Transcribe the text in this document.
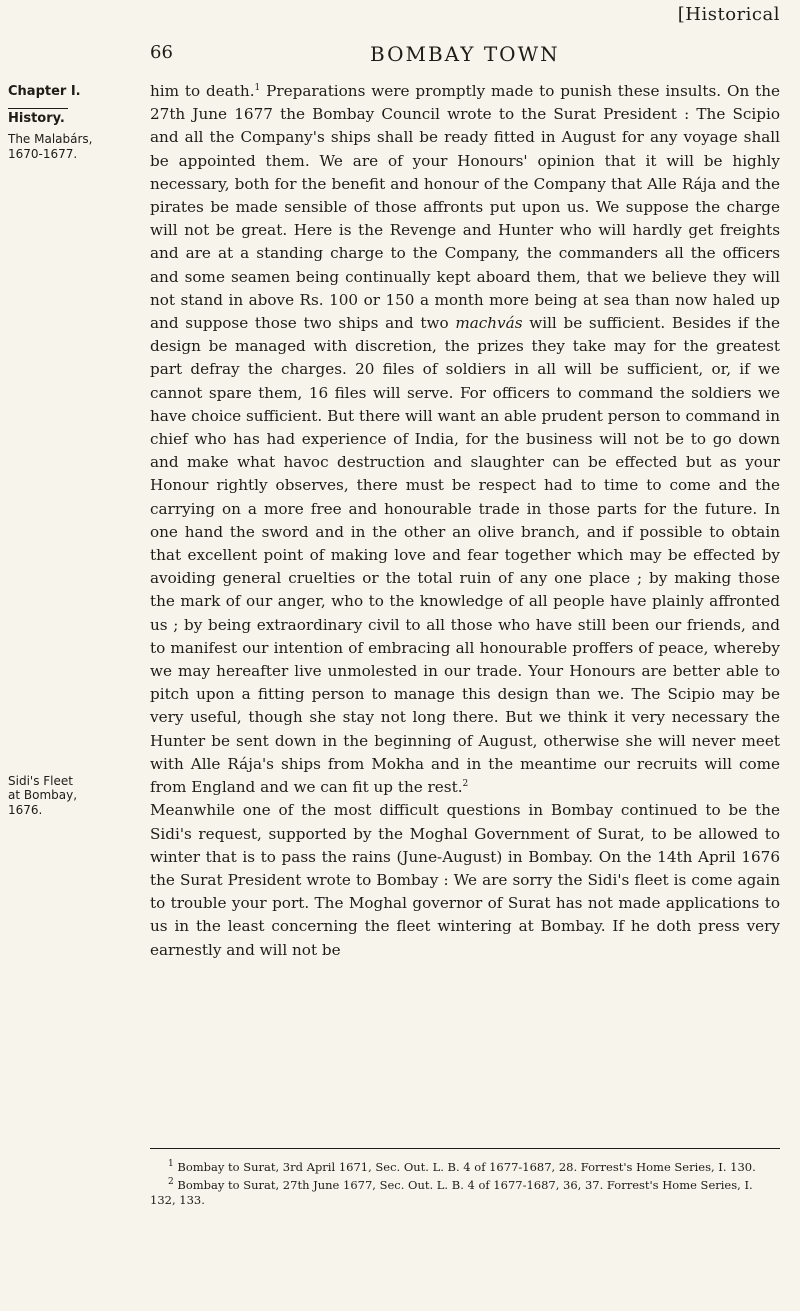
[Historical
66	BOMBAY TOWN
Chapter I.
History.
The Malabárs,
1670-1677.
Sidi's Fleet
at Bombay,
1676.

him to death.$^1$ Preparations were promptly made to punish these insults. On the 27th June 1677 the Bombay Council wrote to the Surat President : The Scipio and all the Company's ships shall be ready fitted in August for any voyage shall be appointed them. We are of your Honours' opinion that it will be highly necessary, both for the benefit and honour of the Company that Alle Rája and the pirates be made sensible of those affronts put upon us. We suppose the charge will not be great. Here is the Revenge and Hunter who will hardly get freights and are at a standing charge to the Company, the commanders all the officers and some seamen being continually kept aboard them, that we believe they will not stand in above Rs. 100 or 150 a month more being at sea than now haled up and suppose those two ships and two machvás will be sufficient. Besides if the design be managed with discretion, the prizes they take may for the greatest part defray the charges. 20 files of soldiers in all will be sufficient, or, if we cannot spare them, 16 files will serve. For officers to command the soldiers we have choice sufficient. But there will want an able prudent person to command in chief who has had experience of India, for the business will not be to go down and make what havoc destruction and slaughter can be effected but as your Honour rightly observes, there must be respect had to time to come and the carrying on a more free and honourable trade in those parts for the future. In one hand the sword and in the other an olive branch, and if possible to obtain that excellent point of making love and fear together which may be effected by avoiding general cruelties or the total ruin of any one place ; by making those the mark of our anger, who to the knowledge of all people have plainly affronted us ; by being extraordinary civil to all those who have still been our friends, and to manifest our intention of embracing all honourable proffers of peace, whereby we may hereafter live unmolested in our trade. Your Honours are better able to pitch upon a fitting person to manage this design than we. The Scipio may be very useful, though she stay not long there. But we think it very necessary the Hunter be sent down in the beginning of August, otherwise she will never meet with Alle Rája's ships from Mokha and in the meantime our recruits will come from England and we can fit up the rest.$^2$

Meanwhile one of the most difficult questions in Bombay continued to be the Sidi's request, supported by the Moghal Government of Surat, to be allowed to winter that is to pass the rains (June-August) in Bombay. On the 14th April 1676 the Surat President wrote to Bombay : We are sorry the Sidi's fleet is come again to trouble your port. The Moghal governor of Surat has not made applications to us in the least concerning the fleet wintering at Bombay. If he doth press very earnestly and will not be

$^1$ Bombay to Surat, 3rd April 1671, Sec. Out. L. B. 4 of 1677-1687, 28. Forrest's Home Series, I. 130.

$^2$ Bombay to Surat, 27th June 1677, Sec. Out. L. B. 4 of 1677-1687, 36, 37. Forrest's Home Series, I. 132, 133.
